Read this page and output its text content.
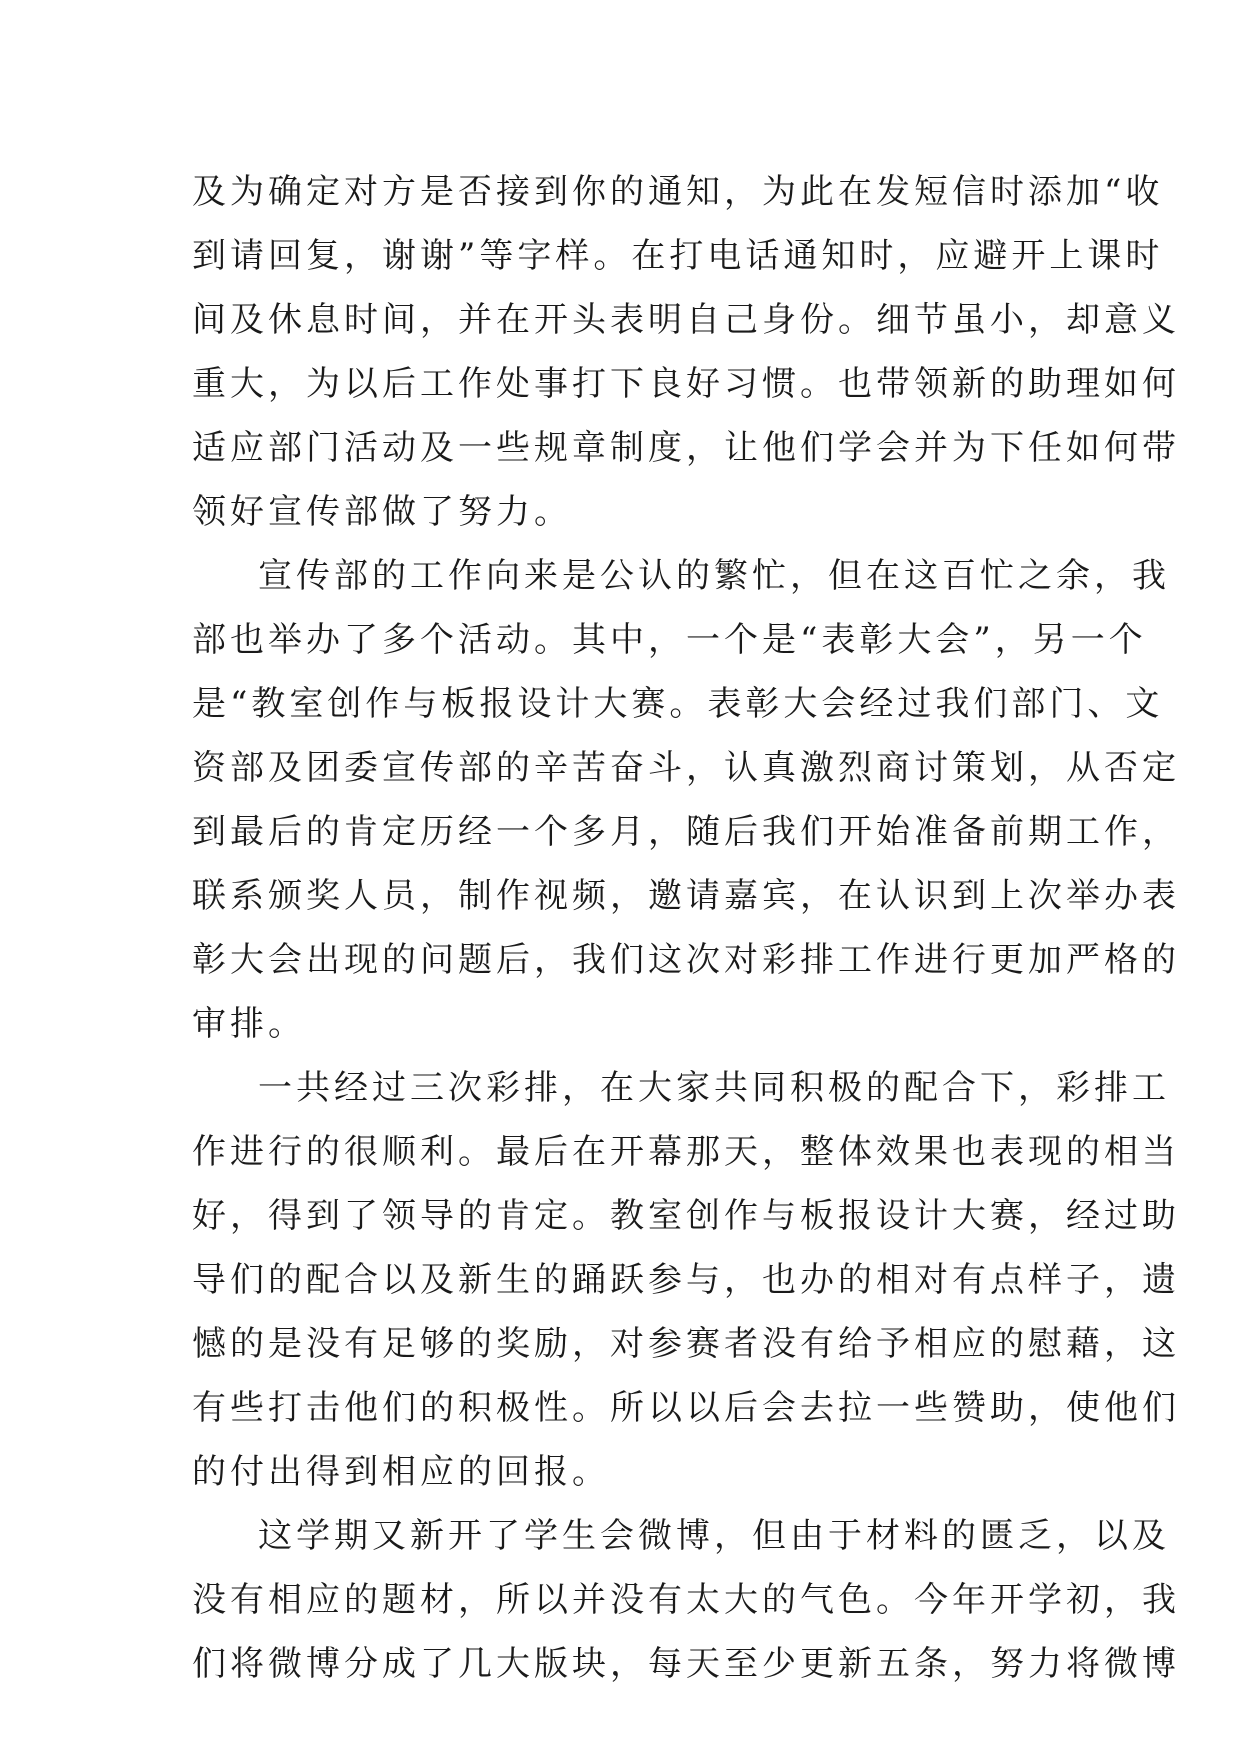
及为确定对方是否接到你的通知，为此在发短信时添加“收

到请回复，谢谢”等字样。在打电话通知时，应避开上课时

间及休息时间，并在开头表明自己身份。细节虽小，却意义

重大，为以后工作处事打下良好习惯。也带领新的助理如何

适应部门活动及一些规章制度，让他们学会并为下任如何带

领好宣传部做了努力。

宣传部的工作向来是公认的繁忙，但在这百忙之余，我

部也举办了多个活动。其中，一个是“表彰大会”，另一个

是“教室创作与板报设计大赛。表彰大会经过我们部门、文

资部及团委宣传部的辛苦奋斗，认真激烈商讨策划，从否定

到最后的肯定历经一个多月，随后我们开始准备前期工作，

联系颁奖人员，制作视频，邀请嘉宾，在认识到上次举办表

彰大会出现的问题后，我们这次对彩排工作进行更加严格的

审排。

一共经过三次彩排，在大家共同积极的配合下，彩排工

作进行的很顺利。最后在开幕那天，整体效果也表现的相当

好，得到了领导的肯定。教室创作与板报设计大赛，经过助

导们的配合以及新生的踊跃参与，也办的相对有点样子，遗

憾的是没有足够的奖励，对参赛者没有给予相应的慰藉，这

有些打击他们的积极性。所以以后会去拉一些赞助，使他们

的付出得到相应的回报。

这学期又新开了学生会微博，但由于材料的匮乏，以及

没有相应的题材，所以并没有太大的气色。今年开学初，我

们将微博分成了几大版块，每天至少更新五条，努力将微博
